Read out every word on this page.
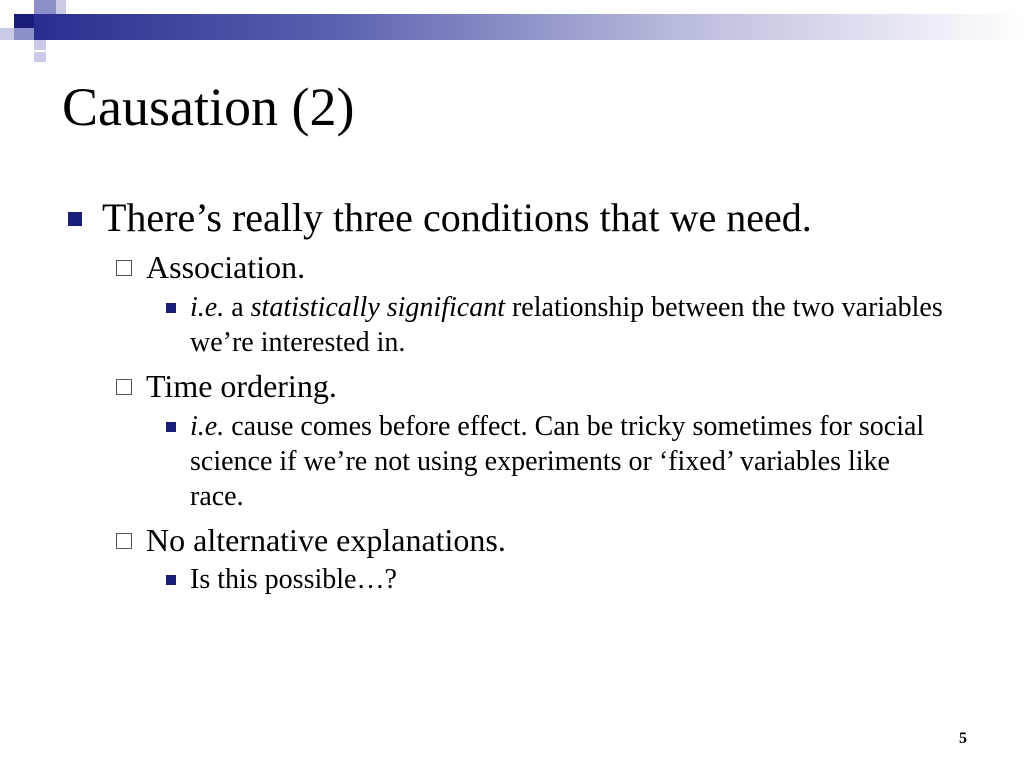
Causation (2)
There’s really three conditions that we need.
Association.
i.e. a statistically significant relationship between the two variables we’re interested in.
Time ordering.
i.e. cause comes before effect. Can be tricky sometimes for social science if we’re not using experiments or ‘fixed’ variables like race.
No alternative explanations.
Is this possible…?
5
